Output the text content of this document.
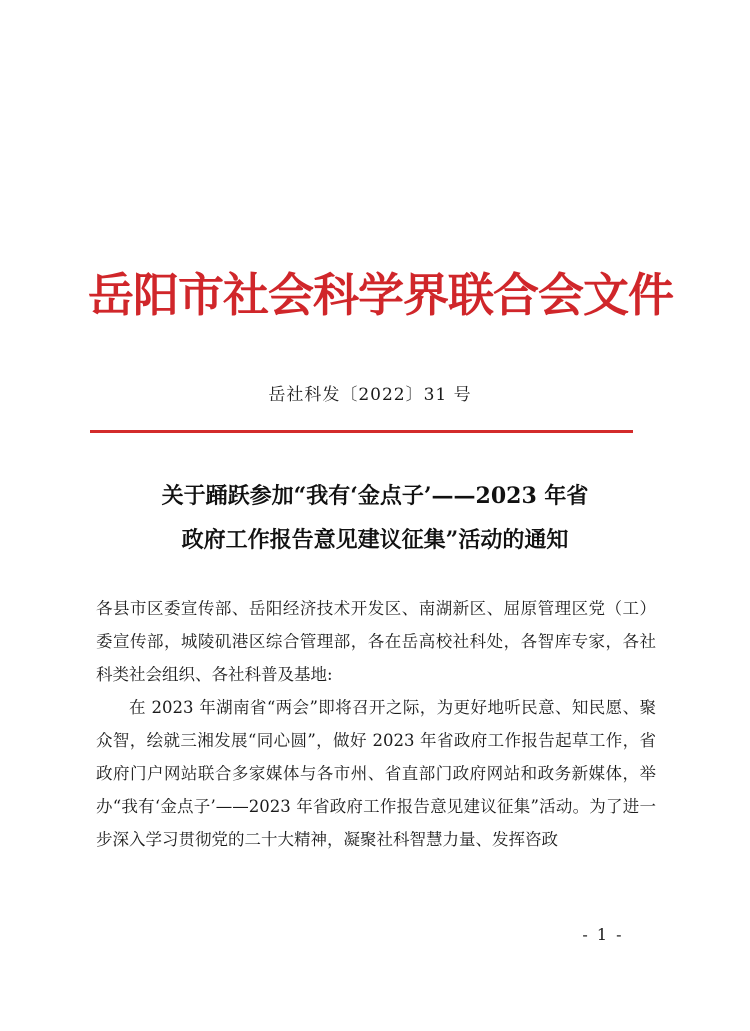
岳阳市社会科学界联合会文件
岳社科发〔2022〕31 号
关于踊跃参加“我有‘金点子’——2023 年省
政府工作报告意见建议征集”活动的通知

各县市区委宣传部、岳阳经济技术开发区、南湖新区、屈原管理区党（工）委宣传部，城陵矶港区综合管理部，各在岳高校社科处，各智库专家，各社科类社会组织、各社科普及基地:

在 2023 年湖南省“两会”即将召开之际，为更好地听民意、知民愿、聚众智，绘就三湘发展“同心圆”，做好 2023 年省政府工作报告起草工作，省政府门户网站联合多家媒体与各市州、省直部门政府网站和政务新媒体，举办“我有‘金点子’——2023 年省政府工作报告意见建议征集”活动。为了进一步深入学习贯彻党的二十大精神，凝聚社科智慧力量、发挥咨政

- 1 -
